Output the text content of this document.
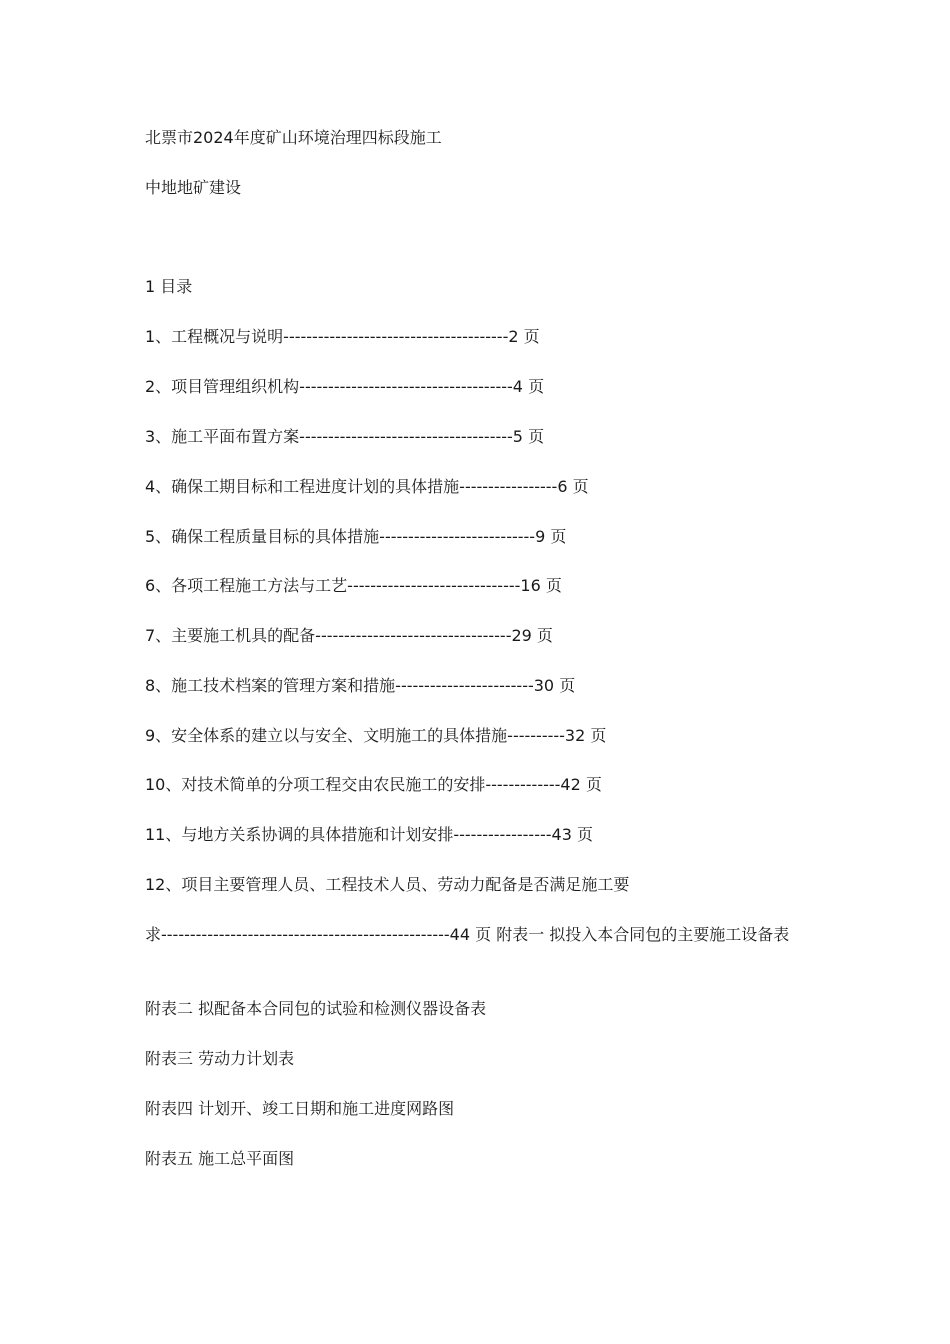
北票市2024年度矿山环境治理四标段施工
中地地矿建设
1 目录
1、工程概况与说明---------------------------------------2 页
2、项目管理组织机构-------------------------------------4 页
3、施工平面布置方案-------------------------------------5 页
4、确保工期目标和工程进度计划的具体措施-----------------6 页
5、确保工程质量目标的具体措施---------------------------9 页
6、各项工程施工方法与工艺------------------------------16 页
7、主要施工机具的配备----------------------------------29 页
8、施工技术档案的管理方案和措施------------------------30 页
9、安全体系的建立以与安全、文明施工的具体措施----------32 页
10、对技术简单的分项工程交由农民施工的安排-------------42 页
11、与地方关系协调的具体措施和计划安排-----------------43 页
12、项目主要管理人员、工程技术人员、劳动力配备是否满足施工要
求--------------------------------------------------44 页 附表一 拟投入本合同包的主要施工设备表
附表二 拟配备本合同包的试验和检测仪器设备表
附表三 劳动力计划表
附表四 计划开、竣工日期和施工进度网路图
附表五 施工总平面图
